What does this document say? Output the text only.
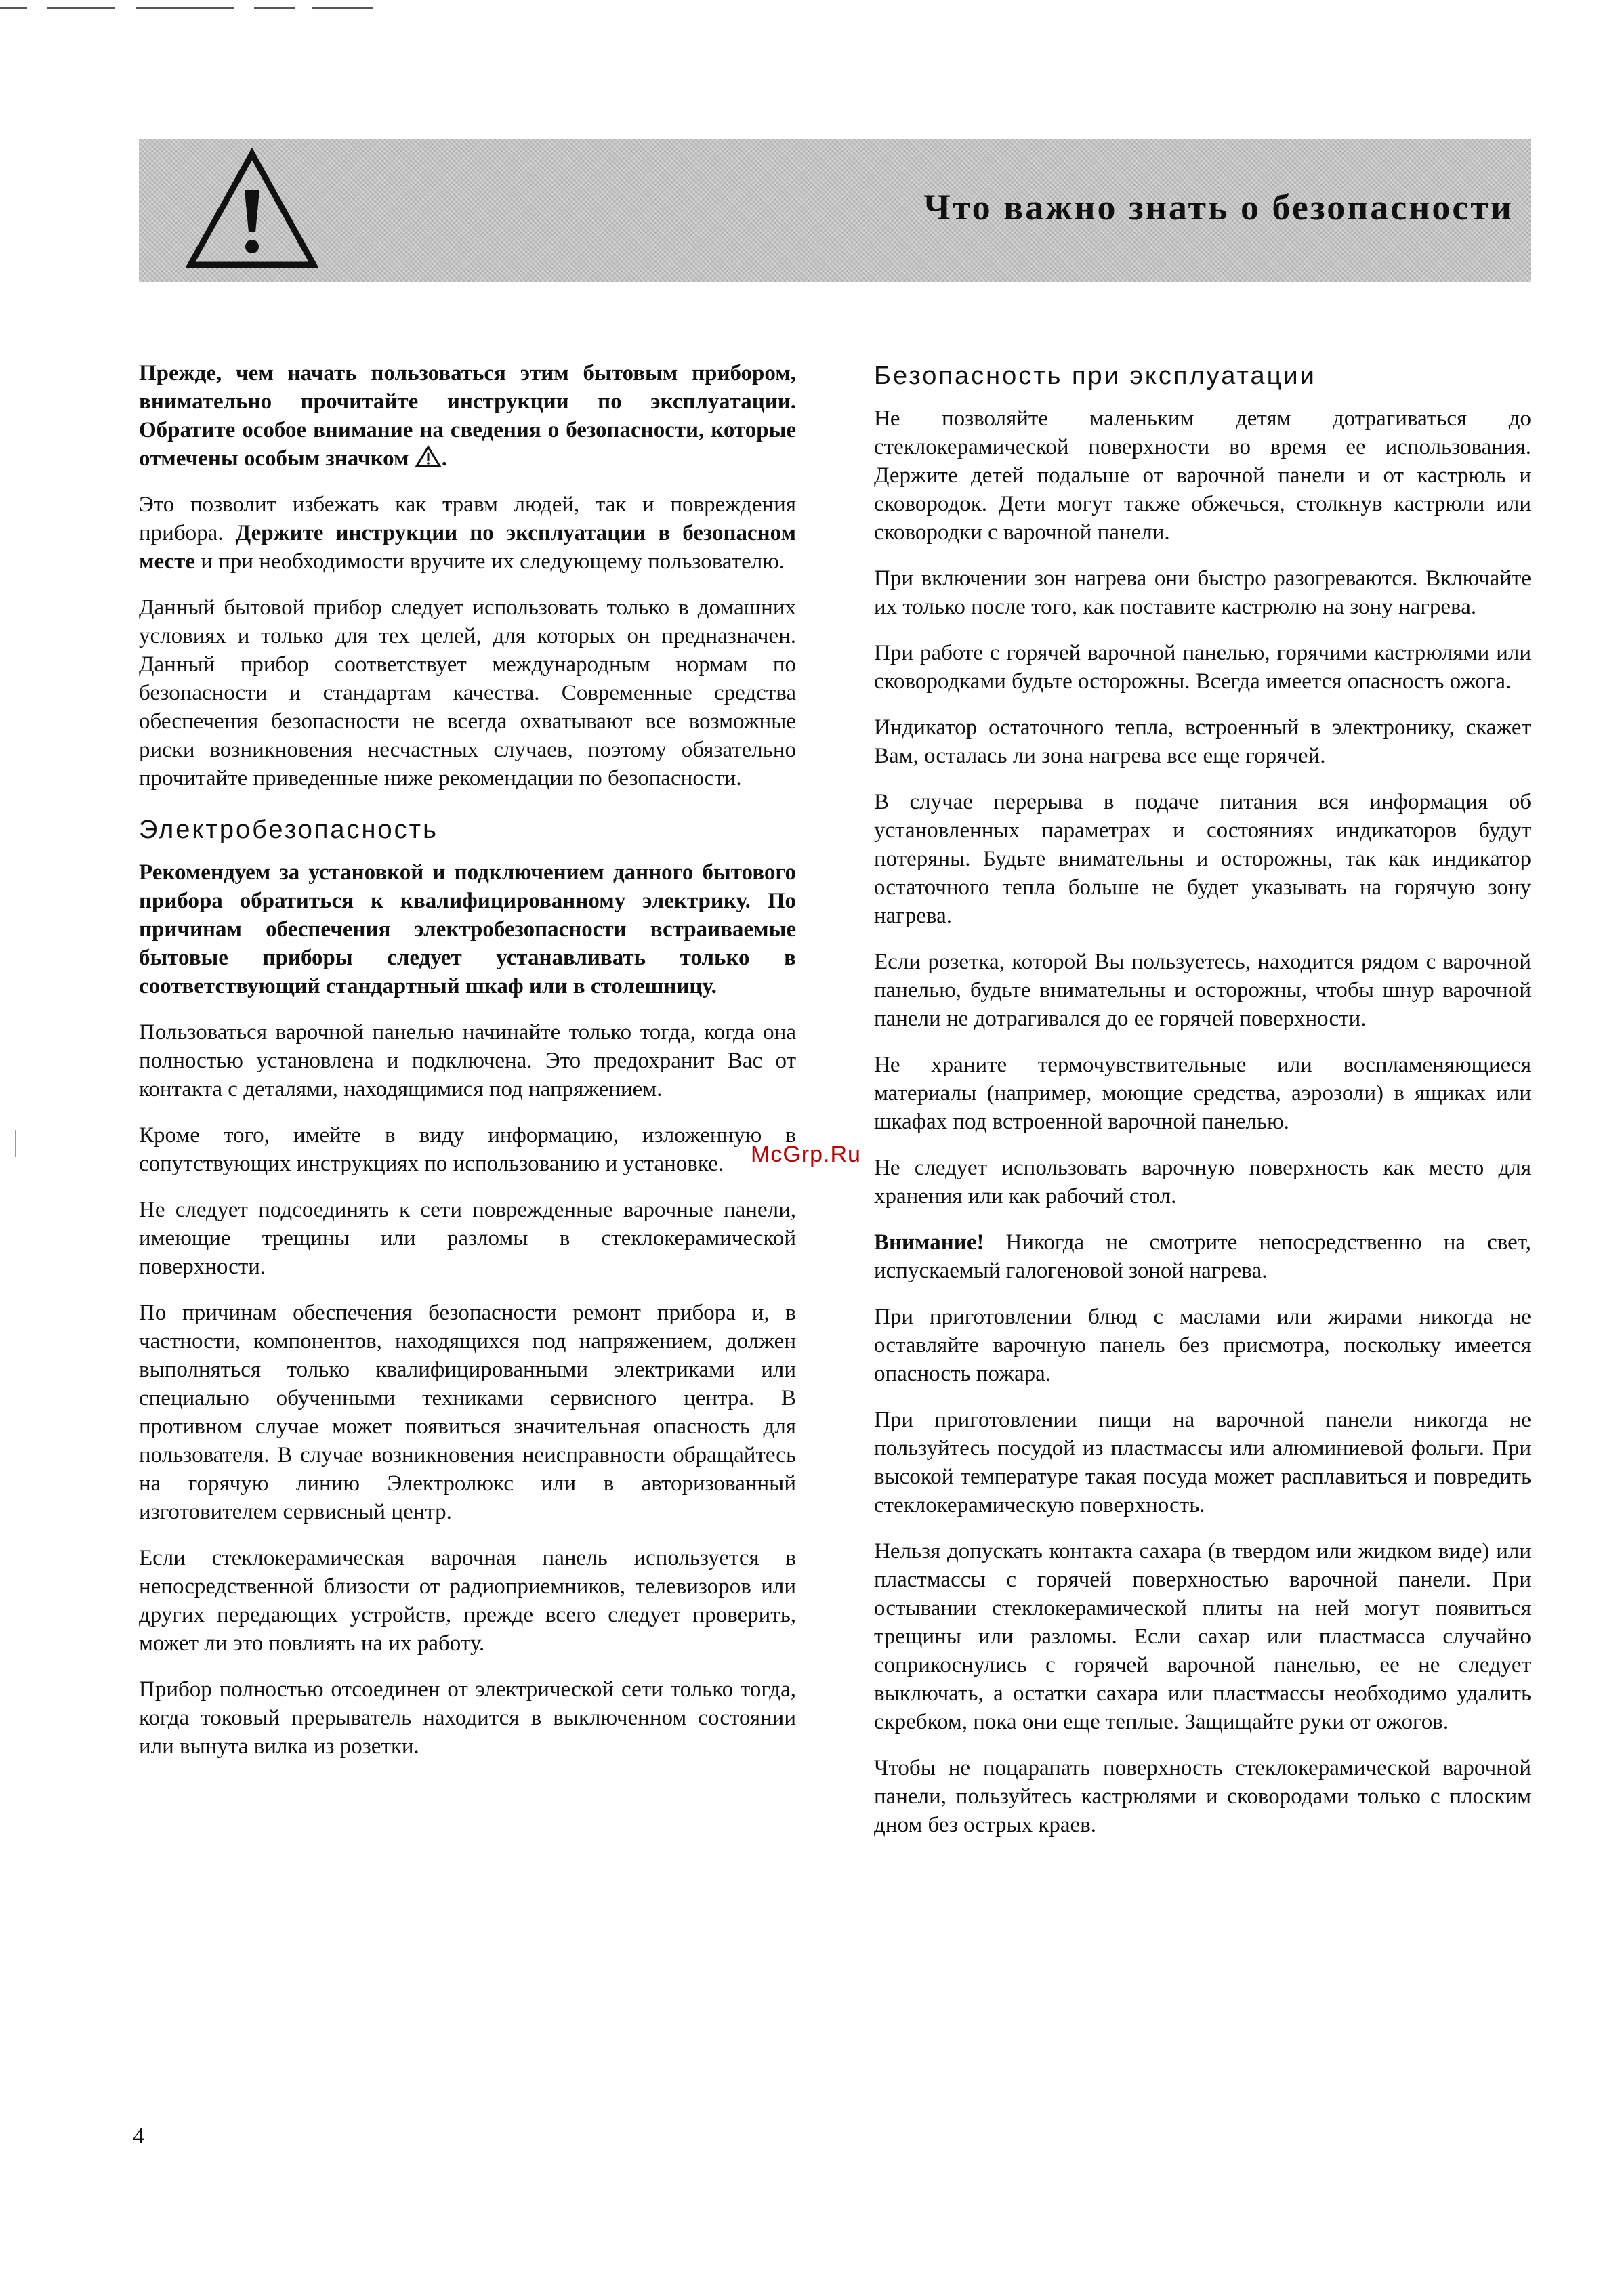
Что важно знать о безопасности

Прежде, чем начать пользоваться этим бытовым прибором, внимательно прочитайте инструкции по эксплуатации. Обратите особое внимание на сведения о безопасности, которые отмечены особым значком .

Это позволит избежать как травм людей, так и повреждения прибора. Держите инструкции по эксплуатации в безопасном месте и при необходимости вручите их следующему пользователю.

Данный бытовой прибор следует использовать только в домашних условиях и только для тех целей, для которых он предназначен. Данный прибор соответствует международным нормам по безопасности и стандартам качества. Современные средства обеспечения безопасности не всегда охватывают все возможные риски возникновения несчастных случаев, поэтому обязательно прочитайте приведенные ниже рекомендации по безопасности.

Электробезопасность

Рекомендуем за установкой и подключением данного бытового прибора обратиться к квалифицированному электрику. По причинам обеспечения электробезопасности встраиваемые бытовые приборы следует устанавливать только в соответствующий стандартный шкаф или в столешницу.

Пользоваться варочной панелью начинайте только тогда, когда она полностью установлена и подключена. Это предохранит Вас от контакта с деталями, находящимися под напряжением.

Кроме того, имейте в виду информацию, изложенную в сопутствующих инструкциях по использованию и установке.

Не следует подсоединять к сети поврежденные варочные панели, имеющие трещины или разломы в стеклокерамической поверхности.

По причинам обеспечения безопасности ремонт прибора и, в частности, компонентов, находящихся под напряжением, должен выполняться только квалифицированными электриками или специально обученными техниками сервисного центра. В противном случае может появиться значительная опасность для пользователя. В случае возникновения неисправности обращайтесь на горячую линию Электролюкс или в авторизованный изготовителем сервисный центр.

Если стеклокерамическая варочная панель используется в непосредственной близости от радиоприемников, телевизоров или других передающих устройств, прежде всего следует проверить, может ли это повлиять на их работу.

Прибор полностью отсоединен от электрической сети только тогда, когда токовый прерыватель находится в выключенном состоянии или вынута вилка из розетки.

Безопасность при эксплуатации

Не позволяйте маленьким детям дотрагиваться до стеклокерамической поверхности во время ее использования. Держите детей подальше от варочной панели и от кастрюль и сковородок. Дети могут также обжечься, столкнув кастрюли или сковородки с варочной панели.

При включении зон нагрева они быстро разогреваются. Включайте их только после того, как поставите кастрюлю на зону нагрева.

При работе с горячей варочной панелью, горячими кастрюлями или сковородками будьте осторожны. Всегда имеется опасность ожога.

Индикатор остаточного тепла, встроенный в электронику, скажет Вам, осталась ли зона нагрева все еще горячей.

В случае перерыва в подаче питания вся информация об установленных параметрах и состояниях индикаторов будут потеряны. Будьте внимательны и осторожны, так как индикатор остаточного тепла больше не будет указывать на горячую зону нагрева.

Если розетка, которой Вы пользуетесь, находится рядом с варочной панелью, будьте внимательны и осторожны, чтобы шнур варочной панели не дотрагивался до ее горячей поверхности.

Не храните термочувствительные или воспламеняющиеся материалы (например, моющие средства, аэрозоли) в ящиках или шкафах под встроенной варочной панелью.

Не следует использовать варочную поверхность как место для хранения или как рабочий стол.

Внимание! Никогда не смотрите непосредственно на свет, испускаемый галогеновой зоной нагрева.

При приготовлении блюд с маслами или жирами никогда не оставляйте варочную панель без присмотра, поскольку имеется опасность пожара.

При приготовлении пищи на варочной панели никогда не пользуйтесь посудой из пластмассы или алюминиевой фольги. При высокой температуре такая посуда может расплавиться и повредить стеклокерамическую поверхность.

Нельзя допускать контакта сахара (в твердом или жидком виде) или пластмассы с горячей поверхностью варочной панели. При остывании стеклокерамической плиты на ней могут появиться трещины или разломы. Если сахар или пластмасса случайно соприкоснулись с горячей варочной панелью, ее не следует выключать, а остатки сахара или пластмассы необходимо удалить скребком, пока они еще теплые. Защищайте руки от ожогов.

Чтобы не поцарапать поверхность стеклокерамической варочной панели, пользуйтесь кастрюлями и сковородами только с плоским дном без острых краев.

McGrp.Ru
4
